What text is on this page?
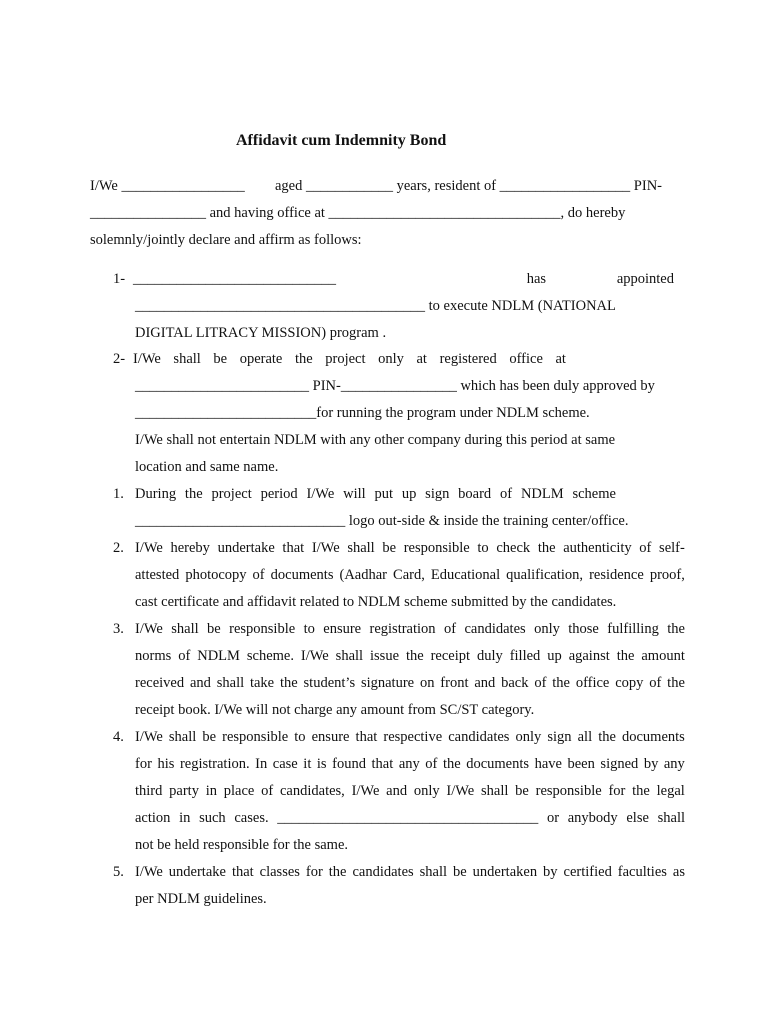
Affidavit cum Indemnity Bond
I/We _________________ aged ____________ years, resident of __________________ PIN-
________________ and having office at ________________________________, do hereby
solemnly/jointly declare and affirm as follows:
1- ____________________________	has	appointed
________________________________________ to execute NDLM (NATIONAL
DIGITAL LITRACY MISSION) program .
2- I/We shall be operate the project only at registered office at
________________________ PIN-________________ which has been duly approved by
_________________________for running the program under NDLM scheme.
I/We shall not entertain NDLM with any other company during this period at same
location and same name.
1. During the project period I/We will put up sign board of NDLM scheme
_____________________________ logo out-side & inside the training center/office.
2. I/We hereby undertake that I/We shall be responsible to check the authenticity of self-
attested photocopy of documents (Aadhar Card, Educational qualification, residence proof,
cast certificate and affidavit related to NDLM scheme submitted by the candidates.
3. I/We shall be responsible to ensure registration of candidates only those fulfilling the
norms of NDLM scheme. I/We shall issue the receipt duly filled up against the amount
received and shall take the student’s signature on front and back of the office copy of the
receipt book. I/We will not charge any amount from SC/ST category.
4. I/We shall be responsible to ensure that respective candidates only sign all the documents
for his registration. In case it is found that any of the documents have been signed by any
third party in place of candidates, I/We and only I/We shall be responsible for the legal
action in such cases. ____________________________________ or anybody else shall
not be held responsible for the same.
5. I/We undertake that classes for the candidates shall be undertaken by certified faculties as
per NDLM guidelines.
